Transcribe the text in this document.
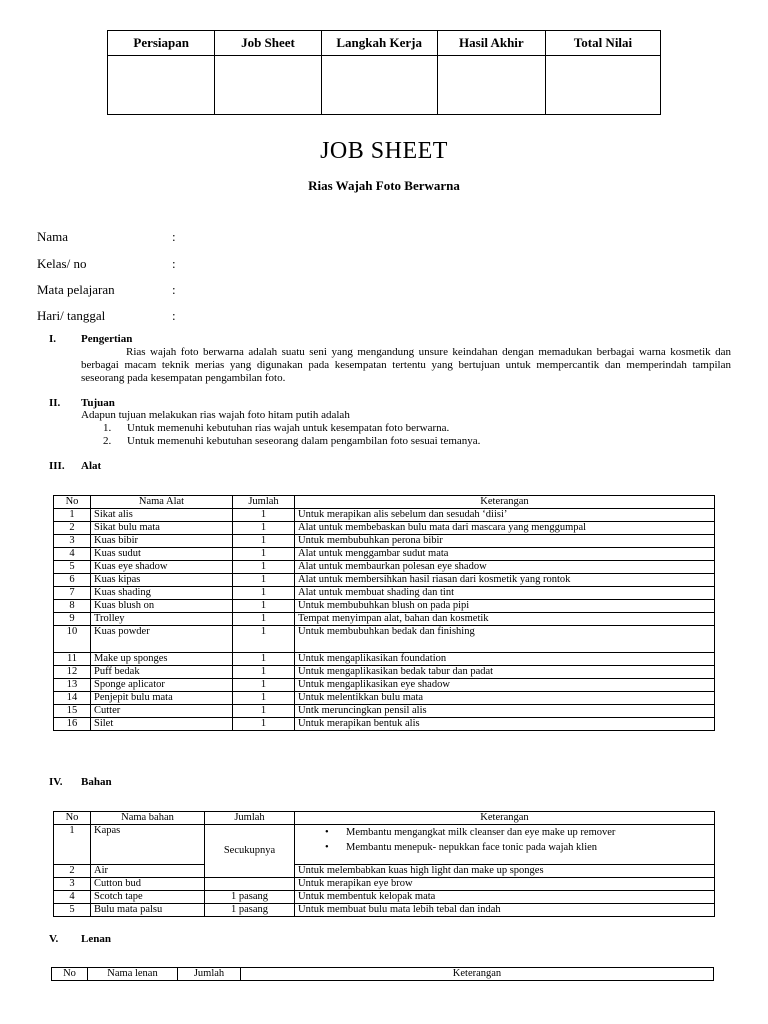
Persiapan	Job Sheet	Langkah Kerja	Hasil Akhir	Total Nilai

JOB SHEET
Rias Wajah Foto Berwarna
Nama	:
Kelas/ no	:
Mata pelajaran	:
Hari/ tanggal	:
I. Pengertian
Rias wajah foto berwarna adalah suatu seni yang mengandung unsure keindahan dengan memadukan berbagai warna kosmetik dan berbagai macam teknik merias yang digunakan pada kesempatan tertentu yang bertujuan untuk mempercantik dan memperindah tampilan seseorang pada kesempatan pengambilan foto.
II. Tujuan
Adapun tujuan melakukan rias wajah foto hitam putih adalah
1. Untuk memenuhi kebutuhan rias wajah untuk kesempatan foto berwarna.
2. Untuk memenuhi kebutuhan seseorang dalam pengambilan foto sesuai temanya.
III. Alat
No	Nama Alat	Jumlah	Keterangan
1	Sikat alis	1	Untuk merapikan alis sebelum dan sesudah ‘diisi’
2	Sikat bulu mata	1	Alat untuk membebaskan bulu mata dari mascara yang menggumpal
3	Kuas bibir	1	Untuk membubuhkan perona bibir
4	Kuas sudut	1	Alat untuk menggambar sudut mata
5	Kuas eye shadow	1	Alat untuk membaurkan polesan eye shadow
6	Kuas kipas	1	Alat untuk membersihkan hasil riasan dari kosmetik yang rontok
7	Kuas shading	1	Alat untuk membuat shading dan tint
8	Kuas blush on	1	Untuk membubuhkan blush on pada pipi
9	Trolley	1	Tempat menyimpan alat, bahan dan kosmetik
10	Kuas powder	1	Untuk membubuhkan bedak dan finishing
11	Make up sponges	1	Untuk mengaplikasikan foundation
12	Puff bedak	1	Untuk mengaplikasikan bedak tabur dan padat
13	Sponge aplicator	1	Untuk mengaplikasikan eye shadow
14	Penjepit bulu mata	1	Untuk melentikkan bulu mata
15	Cutter	1	Untk meruncingkan pensil alis
16	Silet	1	Untuk merapikan bentuk alis
IV. Bahan
No	Nama bahan	Jumlah	Keterangan
1	Kapas	Secukupnya	• Membantu mengangkat milk cleanser dan eye make up remover
• Membantu menepuk- nepukkan face tonic pada wajah klien

2	Air		Untuk melembabkan kuas high light dan make up sponges
3	Cutton bud		Untuk merapikan eye brow
4	Scotch tape	1 pasang	Untuk membentuk kelopak mata
5	Bulu mata palsu	1 pasang	Untuk membuat bulu mata lebih tebal dan indah
V. Lenan
No	Nama lenan	Jumlah	Keterangan
